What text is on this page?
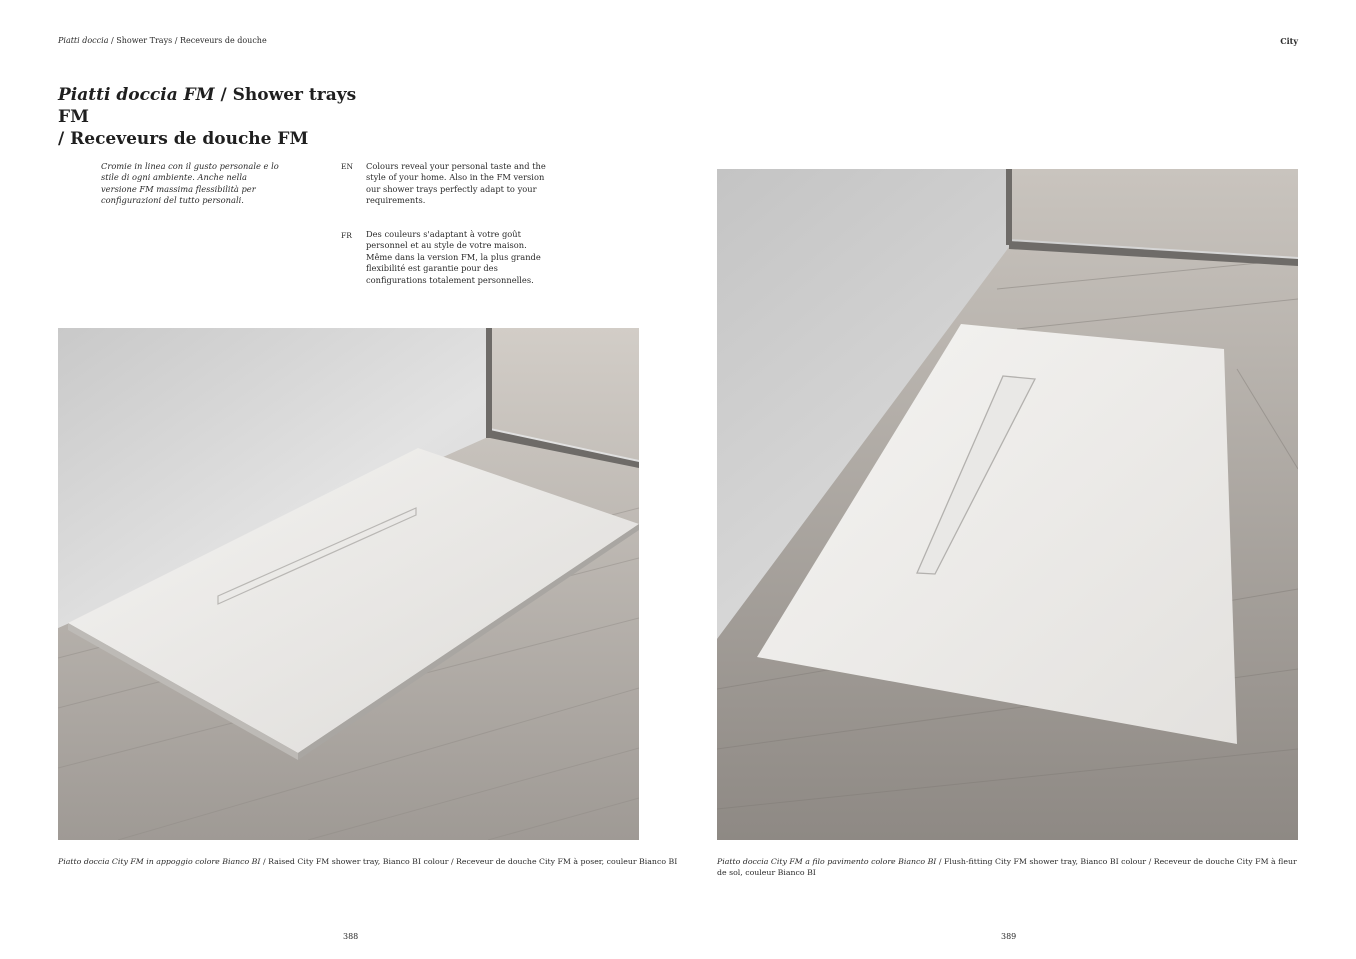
Piatti doccia / Shower Trays / Receveurs de douche	City
Piatti doccia FM / Shower trays FM
/ Receveurs de douche FM
Cromie in linea con il gusto personale e lo stile di ogni ambiente. Anche nella versione FM massima flessibilità per configurazioni del tutto personali.
EN Colours reveal your personal taste and the style of your home. Also in the FM version our shower trays perfectly adapt to your requirements.
FR Des couleurs s'adaptant à votre goût personnel et au style de votre maison. Même dans la version FM, la plus grande flexibilité est garantie pour des configurations totalement personnelles.
Piatto doccia City FM in appoggio colore Bianco BI / Raised City FM shower tray, Bianco BI colour / Receveur de douche City FM à poser, couleur Bianco BI	Piatto doccia City FM a filo pavimento colore Bianco BI / Flush-fitting City FM shower tray, Bianco BI colour / Receveur de douche City FM à fleur de sol, couleur Bianco BI
388	389
